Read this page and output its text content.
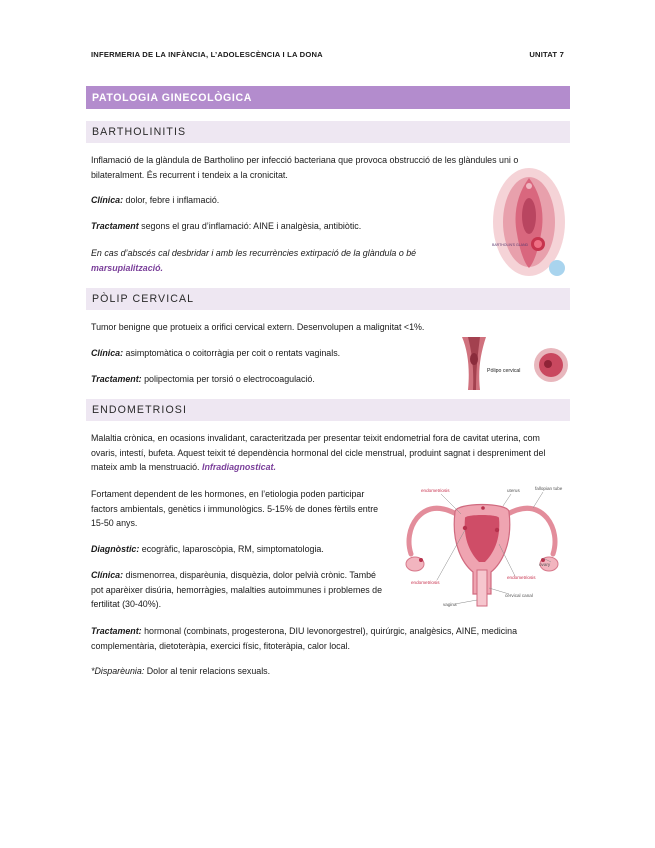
INFERMERIA DE LA INFÀNCIA, L’ADOLESCÈNCIA I LA DONA	UNITAT 7
PATOLOGIA GINECOLÒGICA
BARTHOLINITIS

Inflamació de la glàndula de Bartholino per infecció bacteriana que provoca obstrucció de les glàndules uni o bilateralment. És recurrent i tendeix a la cronicitat.

Clínica: dolor, febre i inflamació.

Tractament segons el grau d’inflamació: AINE i analgèsia, antibiòtic.

En cas d’abscés cal desbridar i amb les recurrències extirpació de la glàndula o bé marsupialització.

BARTHOLIN'S GLAND
PÒLIP CERVICAL

Tumor benigne que protueix a orifici cervical extern. Desenvolupen a malignitat <1%.

Clínica: asimptomàtica o coitorràgia per coit o rentats vaginals.

Tractament: polipectomia per torsió o electrocoagulació.

Pólipo cervical
ENDOMETRIOSI

Malaltia crònica, en ocasions invalidant, caracteritzada per presentar teixit endometrial fora de cavitat uterina, com ovaris, intestí, bufeta. Aquest teixit té dependència hormonal del cicle menstrual, produint sagnat i despreniment del mateix amb la menstruació. Infradiagnosticat.

Fortament dependent de les hormones, en l’etiologia poden participar factors ambientals, genètics i immunològics. 5-15% de dones fèrtils entre 15-50 anys.

Diagnòstic: ecogràfic, laparoscòpia, RM, simptomatologia.

Clínica: dismenorrea, disparèunia, disquèzia, dolor pelvià crònic. També pot aparèixer disúria, hemorràgies, malalties autoimmunes i problemes de fertilitat (30-40%).

Tractament: hormonal (combinats, progesterona, DIU levonorgestrel), quirúrgic, analgèsics, AINE, medicina complementària, dietoteràpia, exercici físic, fitoteràpia, calor local.

*Disparèunia: Dolor al tenir relacions sexuals.

endometriosis	uterus	fallopian tube
ovary
endometriosis
endometriosis
cervical canal
vagina
